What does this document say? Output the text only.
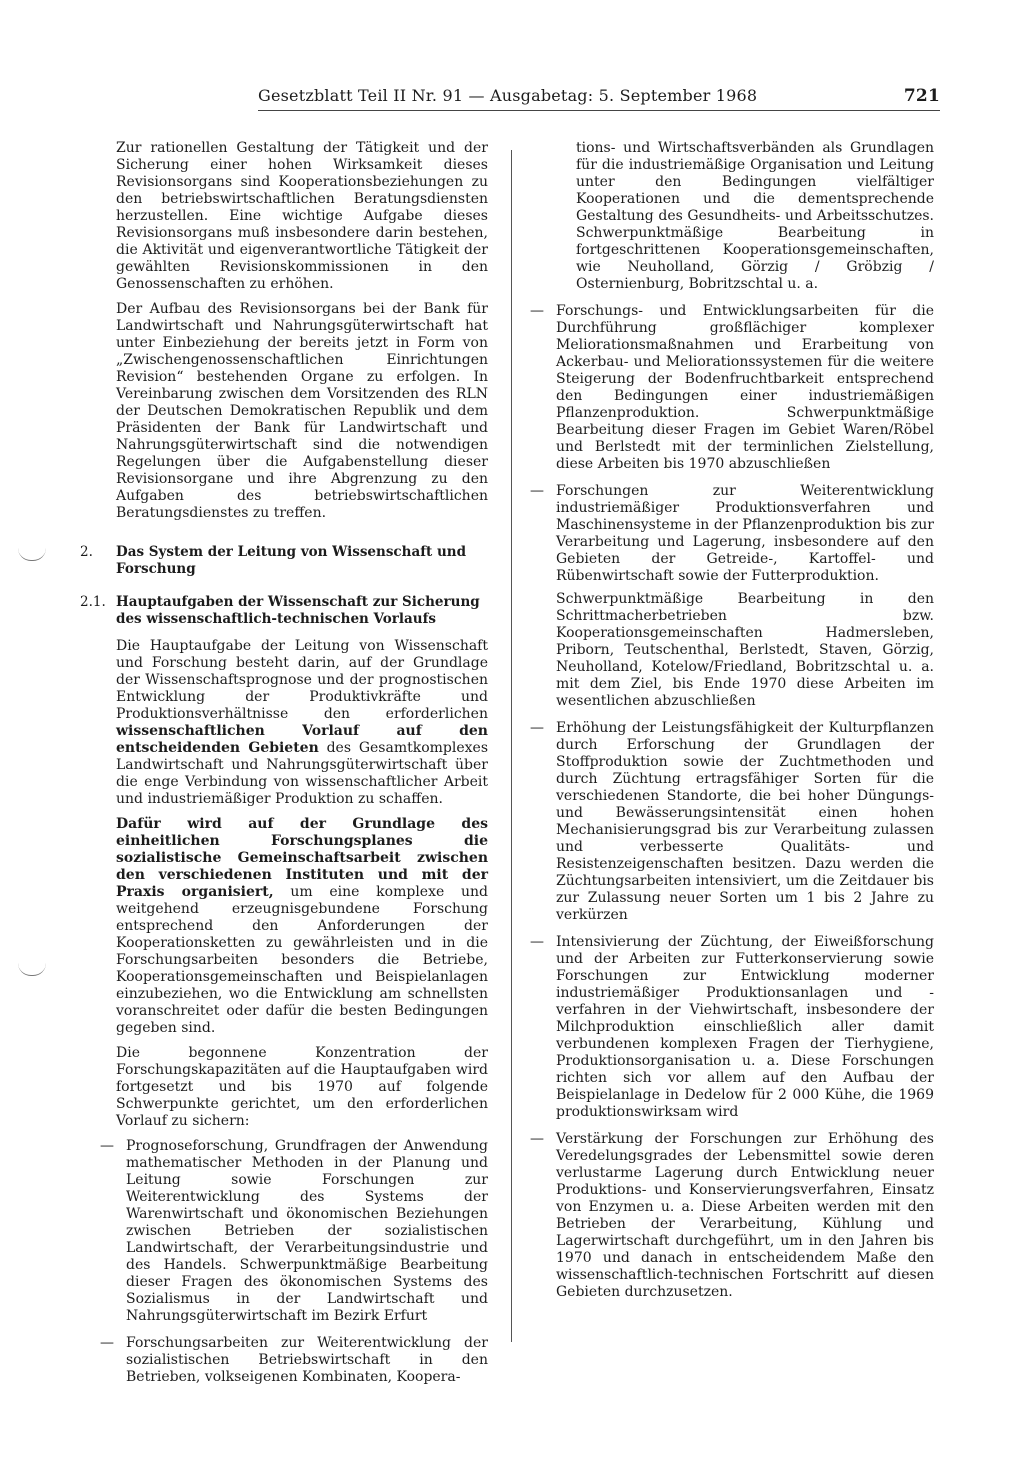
Gesetzblatt Teil II Nr. 91 — Ausgabetag: 5. September 1968	721

Zur rationellen Gestaltung der Tätigkeit und der Sicherung einer hohen Wirksamkeit dieses Revisionsorgans sind Kooperationsbeziehungen zu den betriebswirtschaftlichen Beratungsdiensten herzustellen. Eine wichtige Aufgabe dieses Revisionsorgans muß insbesondere darin bestehen, die Aktivität und eigenverantwortliche Tätigkeit der gewählten Revisionskommissionen in den Genossenschaften zu erhöhen.

Der Aufbau des Revisionsorgans bei der Bank für Landwirtschaft und Nahrungsgüterwirtschaft hat unter Einbeziehung der bereits jetzt in Form von „Zwischengenossenschaftlichen Einrichtungen Revision“ bestehenden Organe zu erfolgen. In Vereinbarung zwischen dem Vorsitzenden des RLN der Deutschen Demokratischen Republik und dem Präsidenten der Bank für Landwirtschaft und Nahrungsgüterwirtschaft sind die notwendigen Regelungen über die Aufgabenstellung dieser Revisionsorgane und ihre Abgrenzung zu den Aufgaben des betriebswirtschaftlichen Beratungsdienstes zu treffen.

2.	Das System der Leitung von Wissenschaft und Forschung
2.1. Hauptaufgaben der Wissenschaft zur Sicherung des wissenschaftlich-technischen Vorlaufs

Die Hauptaufgabe der Leitung von Wissenschaft und Forschung besteht darin, auf der Grundlage der Wissenschaftsprognose und der prognostischen Entwicklung der Produktivkräfte und Produktionsverhältnisse den erforderlichen wissenschaftlichen Vorlauf auf den entscheidenden Gebieten des Gesamtkomplexes Landwirtschaft und Nahrungsgüterwirtschaft über die enge Verbindung von wissenschaftlicher Arbeit und industriemäßiger Produktion zu schaffen.

Dafür wird auf der Grundlage des einheitlichen Forschungsplanes die sozialistische Gemeinschaftsarbeit zwischen den verschiedenen Instituten und mit der Praxis organisiert, um eine komplexe und weitgehend erzeugnisgebundene Forschung entsprechend den Anforderungen der Kooperationsketten zu gewährleisten und in die Forschungsarbeiten besonders die Betriebe, Kooperationsgemeinschaften und Beispielanlagen einzubeziehen, wo die Entwicklung am schnellsten voranschreitet oder dafür die besten Bedingungen gegeben sind.

Die begonnene Konzentration der Forschungskapazitäten auf die Hauptaufgaben wird fortgesetzt und bis 1970 auf folgende Schwerpunkte gerichtet, um den erforderlichen Vorlauf zu sichern:

— Prognoseforschung, Grundfragen der Anwendung mathematischer Methoden in der Planung und Leitung sowie Forschungen zur Weiterentwicklung des Systems der Warenwirtschaft und ökonomischen Beziehungen zwischen Betrieben der sozialistischen Landwirtschaft, der Verarbeitungsindustrie und des Handels. Schwerpunktmäßige Bearbeitung dieser Fragen des ökonomischen Systems des Sozialismus in der Landwirtschaft und Nahrungsgüterwirtschaft im Bezirk Erfurt
— Forschungsarbeiten zur Weiterentwicklung der sozialistischen Betriebswirtschaft in den Betrieben, volkseigenen Kombinaten, Koopera-
tions- und Wirtschaftsverbänden als Grundlagen für die industriemäßige Organisation und Leitung unter den Bedingungen vielfältiger Kooperationen und die dementsprechende Gestaltung des Gesundheits- und Arbeitsschutzes. Schwerpunktmäßige Bearbeitung in fortgeschrittenen Kooperationsgemeinschaften, wie Neuholland, Görzig / Gröbzig / Osternienburg, Bobritzschtal u. a.
— Forschungs- und Entwicklungsarbeiten für die Durchführung großflächiger komplexer Meliorationsmaßnahmen und Erarbeitung von Ackerbau- und Meliorationssystemen für die weitere Steigerung der Bodenfruchtbarkeit entsprechend den Bedingungen einer industriemäßigen Pflanzenproduktion. Schwerpunktmäßige Bearbeitung dieser Fragen im Gebiet Waren/Röbel und Berlstedt mit der terminlichen Zielstellung, diese Arbeiten bis 1970 abzuschließen
— Forschungen zur Weiterentwicklung industriemäßiger Produktionsverfahren und Maschinensysteme in der Pflanzenproduktion bis zur Verarbeitung und Lagerung, insbesondere auf den Gebieten der Getreide-, Kartoffel- und Rübenwirtschaft sowie der Futterproduktion.

Schwerpunktmäßige Bearbeitung in den Schrittmacherbetrieben bzw. Kooperationsgemeinschaften Hadmersleben, Priborn, Teutschenthal, Berlstedt, Staven, Görzig, Neuholland, Kotelow/Friedland, Bobritzschtal u. a. mit dem Ziel, bis Ende 1970 diese Arbeiten im wesentlichen abzuschließen

— Erhöhung der Leistungsfähigkeit der Kulturpflanzen durch Erforschung der Grundlagen der Stoffproduktion sowie der Zuchtmethoden und durch Züchtung ertragsfähiger Sorten für die verschiedenen Standorte, die bei hoher Düngungs- und Bewässerungsintensität einen hohen Mechanisierungsgrad bis zur Verarbeitung zulassen und verbesserte Qualitäts- und Resistenzeigenschaften besitzen. Dazu werden die Züchtungsarbeiten intensiviert, um die Zeitdauer bis zur Zulassung neuer Sorten um 1 bis 2 Jahre zu verkürzen
— Intensivierung der Züchtung, der Eiweißforschung und der Arbeiten zur Futterkonservierung sowie Forschungen zur Entwicklung moderner industriemäßiger Produktionsanlagen und -verfahren in der Viehwirtschaft, insbesondere der Milchproduktion einschließlich aller damit verbundenen komplexen Fragen der Tierhygiene, Produktionsorganisation u. a. Diese Forschungen richten sich vor allem auf den Aufbau der Beispielanlage in Dedelow für 2 000 Kühe, die 1969 produktionswirksam wird
— Verstärkung der Forschungen zur Erhöhung des Veredelungsgrades der Lebensmittel sowie deren verlustarme Lagerung durch Entwicklung neuer Produktions- und Konservierungsverfahren, Einsatz von Enzymen u. a. Diese Arbeiten werden mit den Betrieben der Verarbeitung, Kühlung und Lagerwirtschaft durchgeführt, um in den Jahren bis 1970 und danach in entscheidendem Maße den wissenschaftlich-technischen Fortschritt auf diesen Gebieten durchzusetzen.
